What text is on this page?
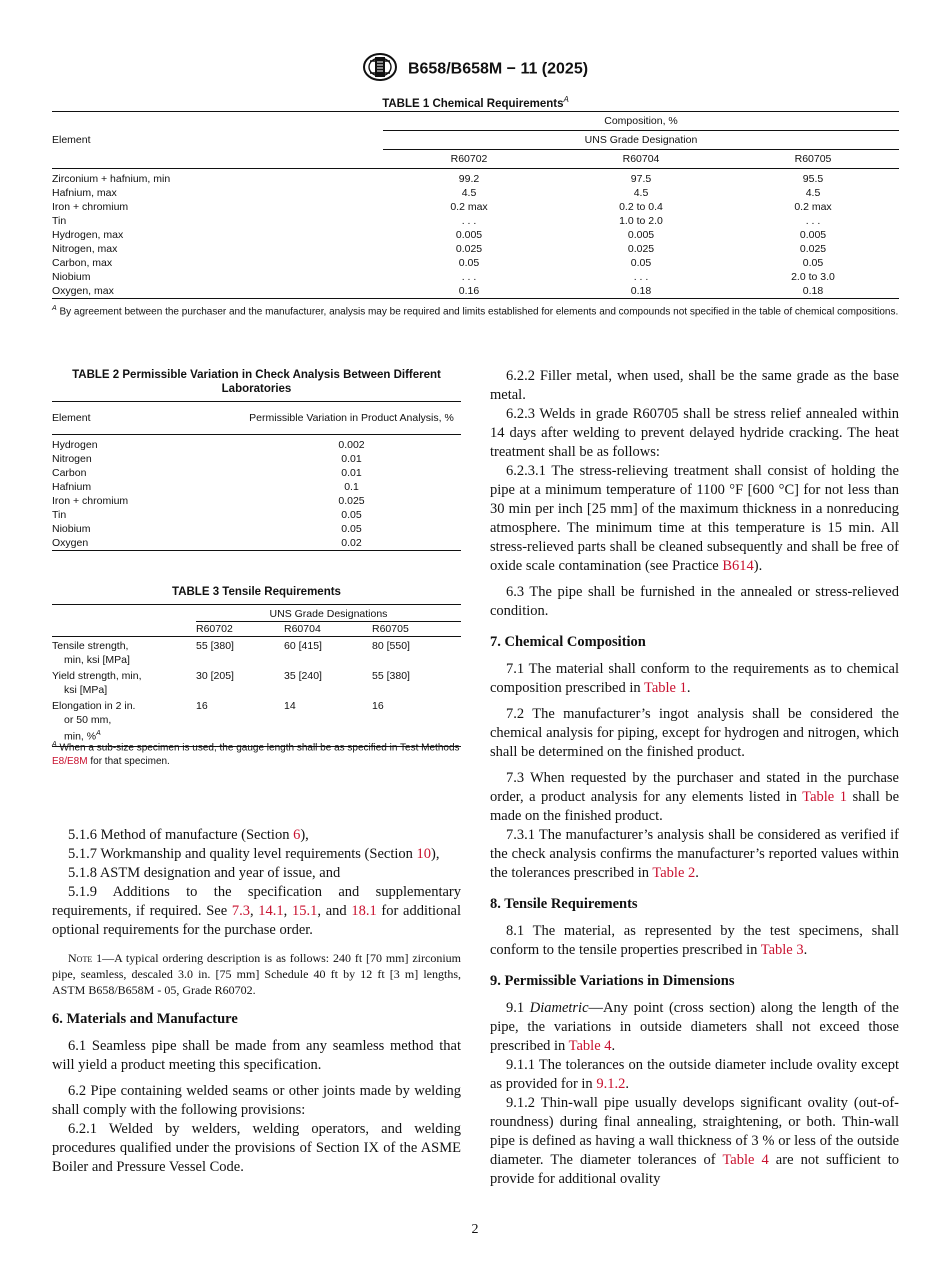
B658/B658M − 11 (2025)
TABLE 1 Chemical Requirements$^A$
Element	Composition, %		
	UNS Grade Designation		
	R60702	R60704	R60705

Zirconium + hafnium, min	99.2	97.5	95.5
Hafnium, max	4.5	4.5	4.5
Iron + chromium	0.2 max	0.2 to 0.4	0.2 max
Tin	. . .	1.0 to 2.0	. . .
Hydrogen, max	0.005	0.005	0.005
Nitrogen, max	0.025	0.025	0.025
Carbon, max	0.05	0.05	0.05
Niobium	. . .	. . .	2.0 to 3.0
Oxygen, max	0.16	0.18	0.18
$^A$ By agreement between the purchaser and the manufacturer, analysis may be required and limits established for elements and compounds not specified in the table of chemical compositions.
TABLE 2 Permissible Variation in Check Analysis Between Different Laboratories
Element	Permissible Variation in Product Analysis, %
Hydrogen	0.002
Nitrogen	0.01
Carbon	0.01
Hafnium	0.1
Iron + chromium	0.025
Tin	0.05
Niobium	0.05
Oxygen	0.02
TABLE 3 Tensile Requirements
	UNS Grade Designations		
	R60702	R60704	R60705

Tensile strength,
min, ksi [MPa]	55 [380]	60 [415]	80 [550]

Yield strength, min,
ksi [MPa]	30 [205]	35 [240]	55 [380]

Elongation in 2 in.
or 50 mm,
min, %$^A$	16	14	16
$^A$ When a sub-size specimen is used, the gauge length shall be as specified in Test Methods E8/E8M for that specimen.

5.1.6 Method of manufacture (Section 6),

5.1.7 Workmanship and quality level requirements (Section 10),

5.1.8 ASTM designation and year of issue, and

5.1.9 Additions to the specification and supplementary requirements, if required. See 7.3, 14.1, 15.1, and 18.1 for additional optional requirements for the purchase order.

Note 1—A typical ordering description is as follows: 240 ft [70 mm] zirconium pipe, seamless, descaled 3.0 in. [75 mm] Schedule 40 ft by 12 ft [3 m] lengths, ASTM B658/B658M - 05, Grade R60702.

6. Materials and Manufacture

6.1 Seamless pipe shall be made from any seamless method that will yield a product meeting this specification.

6.2 Pipe containing welded seams or other joints made by welding shall comply with the following provisions:

6.2.1 Welded by welders, welding operators, and welding procedures qualified under the provisions of Section IX of the ASME Boiler and Pressure Vessel Code.

6.2.2 Filler metal, when used, shall be the same grade as the base metal.

6.2.3 Welds in grade R60705 shall be stress relief annealed within 14 days after welding to prevent delayed hydride cracking. The heat treatment shall be as follows:

6.2.3.1 The stress-relieving treatment shall consist of holding the pipe at a minimum temperature of 1100 °F [600 °C] for not less than 30 min per inch [25 mm] of the maximum thickness in a nonreducing atmosphere. The minimum time at this temperature is 15 min. All stress-relieved parts shall be cleaned subsequently and shall be free of oxide scale contamination (see Practice B614).

6.3 The pipe shall be furnished in the annealed or stress-relieved condition.

7. Chemical Composition

7.1 The material shall conform to the requirements as to chemical composition prescribed in Table 1.

7.2 The manufacturer’s ingot analysis shall be considered the chemical analysis for piping, except for hydrogen and nitrogen, which shall be determined on the finished product.

7.3 When requested by the purchaser and stated in the purchase order, a product analysis for any elements listed in Table 1 shall be made on the finished product.

7.3.1 The manufacturer’s analysis shall be considered as verified if the check analysis confirms the manufacturer’s reported values within the tolerances prescribed in Table 2.

8. Tensile Requirements

8.1 The material, as represented by the test specimens, shall conform to the tensile properties prescribed in Table 3.

9. Permissible Variations in Dimensions

9.1 Diametric—Any point (cross section) along the length of the pipe, the variations in outside diameters shall not exceed those prescribed in Table 4.

9.1.1 The tolerances on the outside diameter include ovality except as provided for in 9.1.2.

9.1.2 Thin-wall pipe usually develops significant ovality (out-of-roundness) during final annealing, straightening, or both. Thin-wall pipe is defined as having a wall thickness of 3 % or less of the outside diameter. The diameter tolerances of Table 4 are not sufficient to provide for additional ovality

2
